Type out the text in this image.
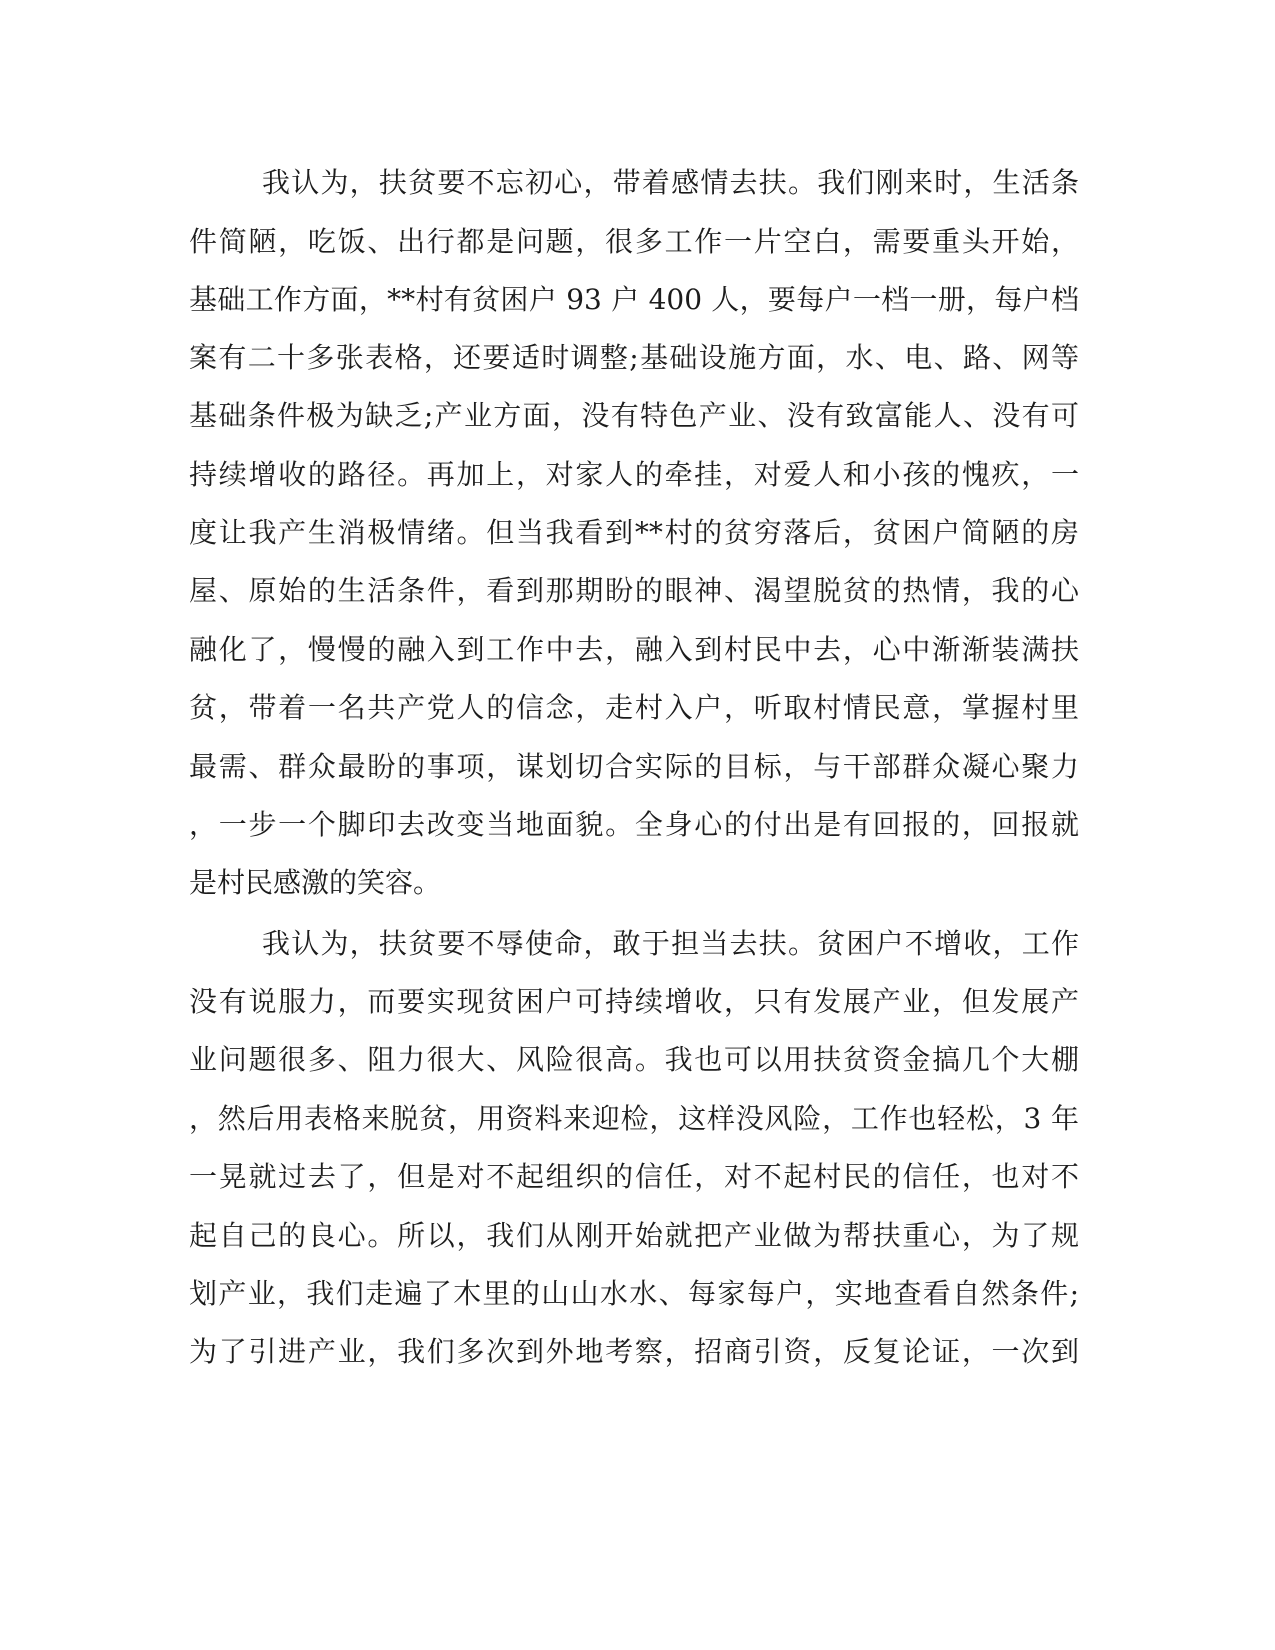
我认为，扶贫要不忘初心，带着感情去扶。我们刚来时，生活条
件简陋，吃饭、出行都是问题，很多工作一片空白，需要重头开始，
基础工作方面，**村有贫困户 93 户 400 人，要每户一档一册，每户档
案有二十多张表格，还要适时调整;基础设施方面，水、电、路、网等
基础条件极为缺乏;产业方面，没有特色产业、没有致富能人、没有可
持续增收的路径。再加上，对家人的牵挂，对爱人和小孩的愧疚，一
度让我产生消极情绪。但当我看到**村的贫穷落后，贫困户简陋的房
屋、原始的生活条件，看到那期盼的眼神、渴望脱贫的热情，我的心
融化了，慢慢的融入到工作中去，融入到村民中去，心中渐渐装满扶
贫，带着一名共产党人的信念，走村入户，听取村情民意，掌握村里
最需、群众最盼的事项，谋划切合实际的目标，与干部群众凝心聚力
，一步一个脚印去改变当地面貌。全身心的付出是有回报的，回报就
是村民感激的笑容。
我认为，扶贫要不辱使命，敢于担当去扶。贫困户不增收，工作
没有说服力，而要实现贫困户可持续增收，只有发展产业，但发展产
业问题很多、阻力很大、风险很高。我也可以用扶贫资金搞几个大棚
，然后用表格来脱贫，用资料来迎检，这样没风险，工作也轻松，3 年
一晃就过去了，但是对不起组织的信任，对不起村民的信任，也对不
起自己的良心。所以，我们从刚开始就把产业做为帮扶重心，为了规
划产业，我们走遍了木里的山山水水、每家每户，实地查看自然条件;
为了引进产业，我们多次到外地考察，招商引资，反复论证，一次到
